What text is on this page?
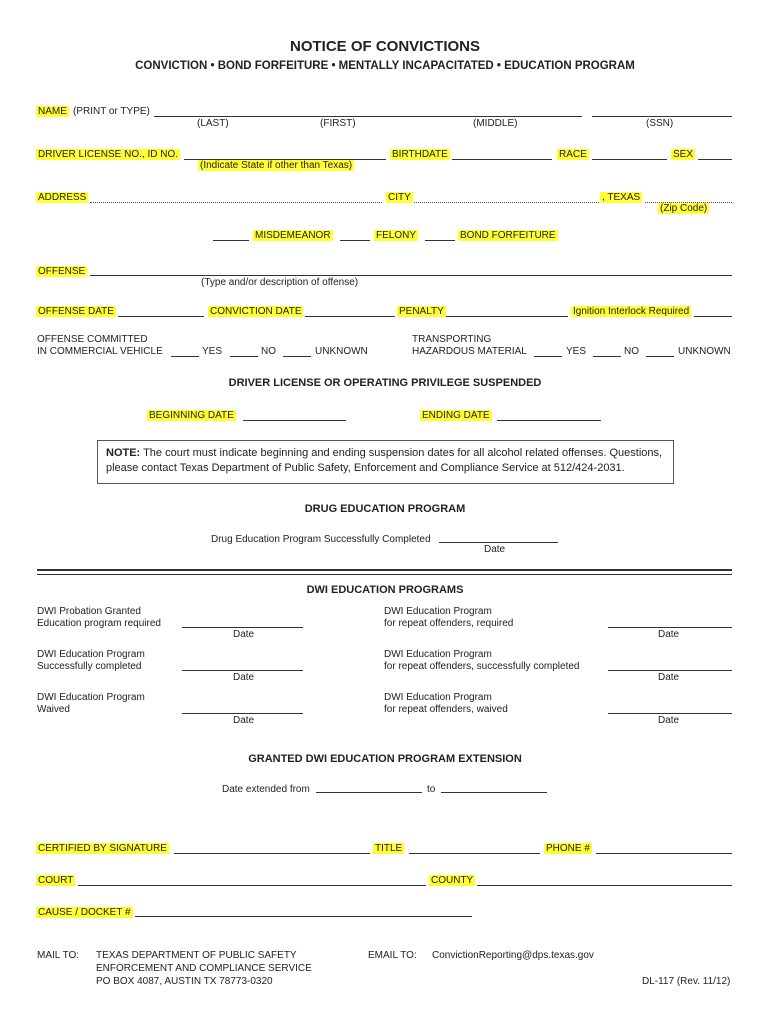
NOTICE OF CONVICTIONS
CONVICTION • BOND FORFEITURE • MENTALLY INCAPACITATED • EDUCATION PROGRAM
NAME (PRINT or TYPE)
(LAST)	(FIRST)	(MIDDLE)	(SSN)
DRIVER LICENSE NO., ID NO.
(Indicate State if other than Texas)
BIRTHDATE	RACE	SEX
ADDRESS	CITY	, TEXAS
(Zip Code)
MISDEMEANOR	FELONY	BOND FORFEITURE
OFFENSE
(Type and/or description of offense)
OFFENSE DATE	CONVICTION DATE	PENALTY	Ignition Interlock Required
OFFENSE COMMITTED
IN COMMERCIAL VEHICLE	YES	NO	UNKNOWN
TRANSPORTING
HAZARDOUS MATERIAL	YES	NO	UNKNOWN
DRIVER LICENSE OR OPERATING PRIVILEGE SUSPENDED
BEGINNING DATE	ENDING DATE
NOTE: The court must indicate beginning and ending suspension dates for all alcohol related offenses. Questions, please contact Texas Department of Public Safety, Enforcement and Compliance Service at 512/424-2031.
DRUG EDUCATION PROGRAM
Drug Education Program Successfully Completed
Date
DWI EDUCATION PROGRAMS
DWI Probation Granted
Education program required
Date
DWI Education Program
Successfully completed
Date
DWI Education Program
Waived
Date
DWI Education Program
for repeat offenders, required
Date
DWI Education Program
for repeat offenders, successfully completed
Date
DWI Education Program
for repeat offenders, waived
Date
GRANTED DWI EDUCATION PROGRAM EXTENSION
Date extended from	to
CERTIFIED BY SIGNATURE	TITLE	PHONE #
COURT	COUNTY
CAUSE / DOCKET #
MAIL TO: TEXAS DEPARTMENT OF PUBLIC SAFETY
ENFORCEMENT AND COMPLIANCE SERVICE
PO BOX 4087, AUSTIN TX 78773-0320
EMAIL TO: ConvictionReporting@dps.texas.gov
DL-117 (Rev. 11/12)
